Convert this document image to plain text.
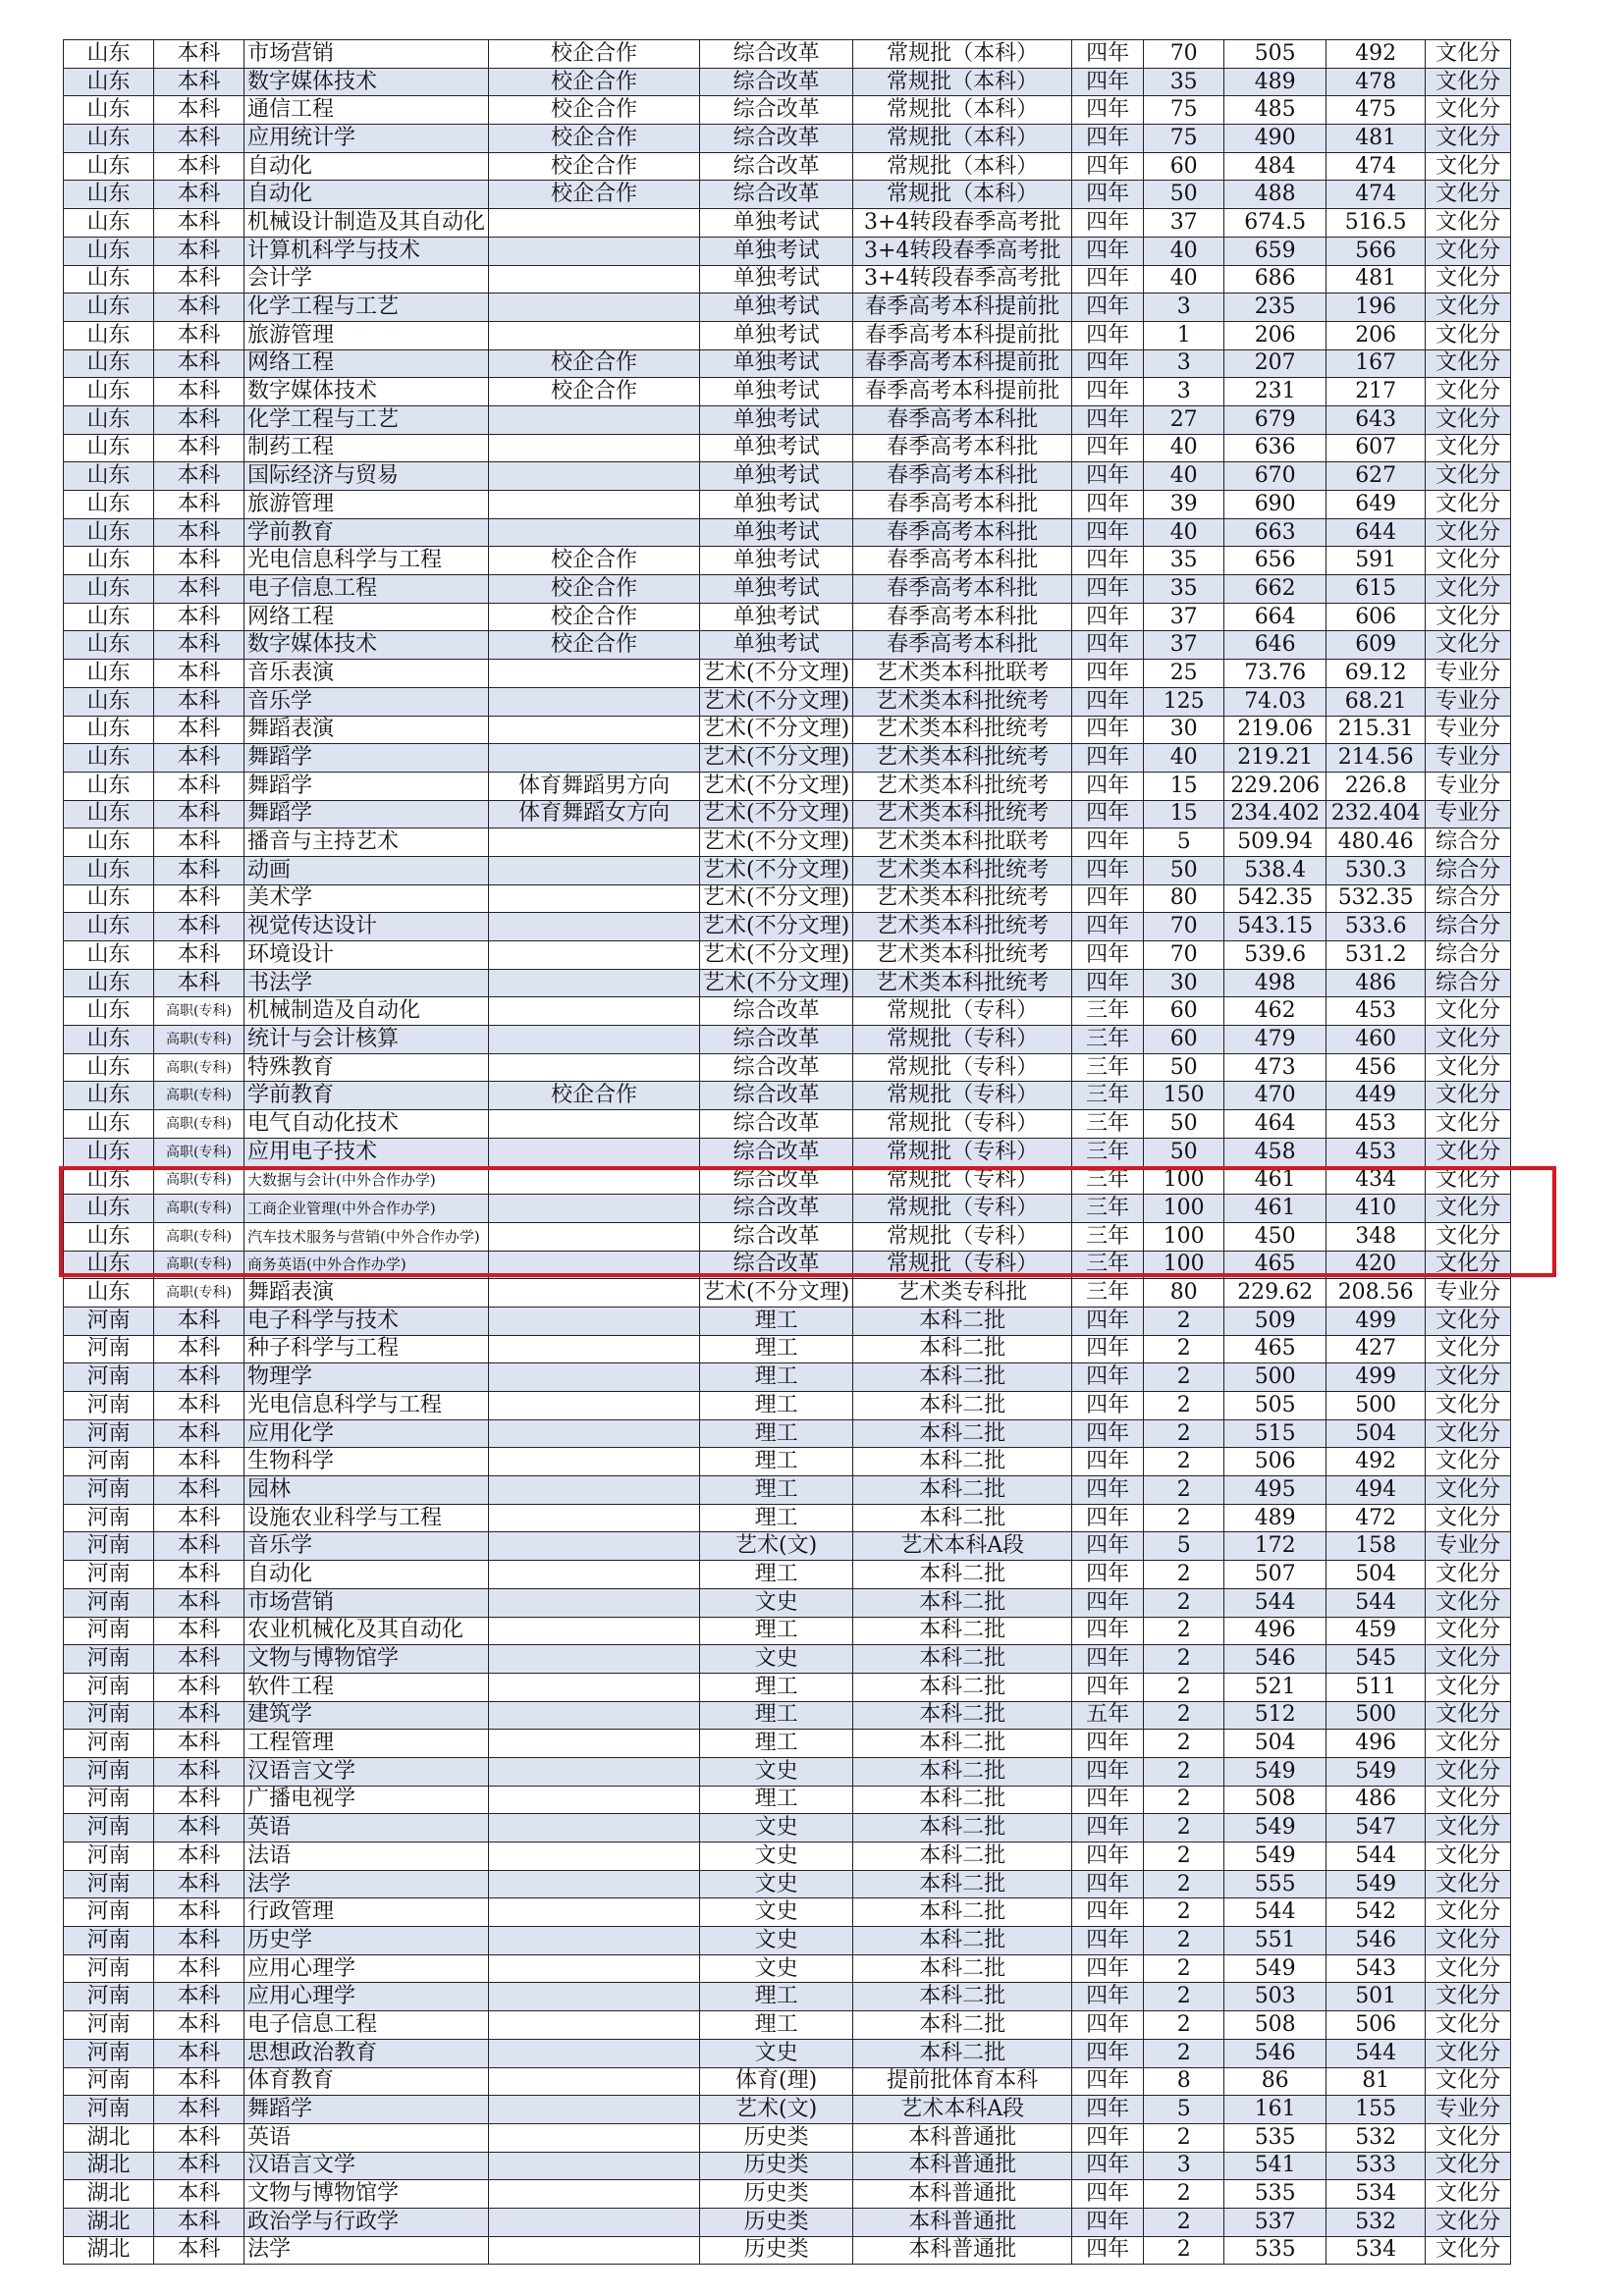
山东	本科	市场营销	校企合作	综合改革	常规批（本科）	四年	70	505	492	文化分
山东	本科	数字媒体技术	校企合作	综合改革	常规批（本科）	四年	35	489	478	文化分
山东	本科	通信工程	校企合作	综合改革	常规批（本科）	四年	75	485	475	文化分
山东	本科	应用统计学	校企合作	综合改革	常规批（本科）	四年	75	490	481	文化分
山东	本科	自动化	校企合作	综合改革	常规批（本科）	四年	60	484	474	文化分
山东	本科	自动化	校企合作	综合改革	常规批（本科）	四年	50	488	474	文化分
山东	本科	机械设计制造及其自动化		单独考试	3+4转段春季高考批	四年	37	674.5	516.5	文化分
山东	本科	计算机科学与技术		单独考试	3+4转段春季高考批	四年	40	659	566	文化分
山东	本科	会计学		单独考试	3+4转段春季高考批	四年	40	686	481	文化分
山东	本科	化学工程与工艺		单独考试	春季高考本科提前批	四年	3	235	196	文化分
山东	本科	旅游管理		单独考试	春季高考本科提前批	四年	1	206	206	文化分
山东	本科	网络工程	校企合作	单独考试	春季高考本科提前批	四年	3	207	167	文化分
山东	本科	数字媒体技术	校企合作	单独考试	春季高考本科提前批	四年	3	231	217	文化分
山东	本科	化学工程与工艺		单独考试	春季高考本科批	四年	27	679	643	文化分
山东	本科	制药工程		单独考试	春季高考本科批	四年	40	636	607	文化分
山东	本科	国际经济与贸易		单独考试	春季高考本科批	四年	40	670	627	文化分
山东	本科	旅游管理		单独考试	春季高考本科批	四年	39	690	649	文化分
山东	本科	学前教育		单独考试	春季高考本科批	四年	40	663	644	文化分
山东	本科	光电信息科学与工程	校企合作	单独考试	春季高考本科批	四年	35	656	591	文化分
山东	本科	电子信息工程	校企合作	单独考试	春季高考本科批	四年	35	662	615	文化分
山东	本科	网络工程	校企合作	单独考试	春季高考本科批	四年	37	664	606	文化分
山东	本科	数字媒体技术	校企合作	单独考试	春季高考本科批	四年	37	646	609	文化分
山东	本科	音乐表演		艺术(不分文理)	艺术类本科批联考	四年	25	73.76	69.12	专业分
山东	本科	音乐学		艺术(不分文理)	艺术类本科批统考	四年	125	74.03	68.21	专业分
山东	本科	舞蹈表演		艺术(不分文理)	艺术类本科批统考	四年	30	219.06	215.31	专业分
山东	本科	舞蹈学		艺术(不分文理)	艺术类本科批统考	四年	40	219.21	214.56	专业分
山东	本科	舞蹈学	体育舞蹈男方向	艺术(不分文理)	艺术类本科批统考	四年	15	229.206	226.8	专业分
山东	本科	舞蹈学	体育舞蹈女方向	艺术(不分文理)	艺术类本科批统考	四年	15	234.402	232.404	专业分
山东	本科	播音与主持艺术		艺术(不分文理)	艺术类本科批联考	四年	5	509.94	480.46	综合分
山东	本科	动画		艺术(不分文理)	艺术类本科批统考	四年	50	538.4	530.3	综合分
山东	本科	美术学		艺术(不分文理)	艺术类本科批统考	四年	80	542.35	532.35	综合分
山东	本科	视觉传达设计		艺术(不分文理)	艺术类本科批统考	四年	70	543.15	533.6	综合分
山东	本科	环境设计		艺术(不分文理)	艺术类本科批统考	四年	70	539.6	531.2	综合分
山东	本科	书法学		艺术(不分文理)	艺术类本科批统考	四年	30	498	486	综合分
山东	高职(专科)	机械制造及自动化		综合改革	常规批（专科）	三年	60	462	453	文化分
山东	高职(专科)	统计与会计核算		综合改革	常规批（专科）	三年	60	479	460	文化分
山东	高职(专科)	特殊教育		综合改革	常规批（专科）	三年	50	473	456	文化分
山东	高职(专科)	学前教育	校企合作	综合改革	常规批（专科）	三年	150	470	449	文化分
山东	高职(专科)	电气自动化技术		综合改革	常规批（专科）	三年	50	464	453	文化分
山东	高职(专科)	应用电子技术		综合改革	常规批（专科）	三年	50	458	453	文化分
山东	高职(专科)	大数据与会计(中外合作办学)		综合改革	常规批（专科）	三年	100	461	434	文化分
山东	高职(专科)	工商企业管理(中外合作办学)		综合改革	常规批（专科）	三年	100	461	410	文化分
山东	高职(专科)	汽车技术服务与营销(中外合作办学)		综合改革	常规批（专科）	三年	100	450	348	文化分
山东	高职(专科)	商务英语(中外合作办学)		综合改革	常规批（专科）	三年	100	465	420	文化分
山东	高职(专科)	舞蹈表演		艺术(不分文理)	艺术类专科批	三年	80	229.62	208.56	专业分
河南	本科	电子科学与技术		理工	本科二批	四年	2	509	499	文化分
河南	本科	种子科学与工程		理工	本科二批	四年	2	465	427	文化分
河南	本科	物理学		理工	本科二批	四年	2	500	499	文化分
河南	本科	光电信息科学与工程		理工	本科二批	四年	2	505	500	文化分
河南	本科	应用化学		理工	本科二批	四年	2	515	504	文化分
河南	本科	生物科学		理工	本科二批	四年	2	506	492	文化分
河南	本科	园林		理工	本科二批	四年	2	495	494	文化分
河南	本科	设施农业科学与工程		理工	本科二批	四年	2	489	472	文化分
河南	本科	音乐学		艺术(文)	艺术本科A段	四年	5	172	158	专业分
河南	本科	自动化		理工	本科二批	四年	2	507	504	文化分
河南	本科	市场营销		文史	本科二批	四年	2	544	544	文化分
河南	本科	农业机械化及其自动化		理工	本科二批	四年	2	496	459	文化分
河南	本科	文物与博物馆学		文史	本科二批	四年	2	546	545	文化分
河南	本科	软件工程		理工	本科二批	四年	2	521	511	文化分
河南	本科	建筑学		理工	本科二批	五年	2	512	500	文化分
河南	本科	工程管理		理工	本科二批	四年	2	504	496	文化分
河南	本科	汉语言文学		文史	本科二批	四年	2	549	549	文化分
河南	本科	广播电视学		理工	本科二批	四年	2	508	486	文化分
河南	本科	英语		文史	本科二批	四年	2	549	547	文化分
河南	本科	法语		文史	本科二批	四年	2	549	544	文化分
河南	本科	法学		文史	本科二批	四年	2	555	549	文化分
河南	本科	行政管理		文史	本科二批	四年	2	544	542	文化分
河南	本科	历史学		文史	本科二批	四年	2	551	546	文化分
河南	本科	应用心理学		文史	本科二批	四年	2	549	543	文化分
河南	本科	应用心理学		理工	本科二批	四年	2	503	501	文化分
河南	本科	电子信息工程		理工	本科二批	四年	2	508	506	文化分
河南	本科	思想政治教育		文史	本科二批	四年	2	546	544	文化分
河南	本科	体育教育		体育(理)	提前批体育本科	四年	8	86	81	文化分
河南	本科	舞蹈学		艺术(文)	艺术本科A段	四年	5	161	155	专业分
湖北	本科	英语		历史类	本科普通批	四年	2	535	532	文化分
湖北	本科	汉语言文学		历史类	本科普通批	四年	3	541	533	文化分
湖北	本科	文物与博物馆学		历史类	本科普通批	四年	2	535	534	文化分
湖北	本科	政治学与行政学		历史类	本科普通批	四年	2	537	532	文化分
湖北	本科	法学		历史类	本科普通批	四年	2	535	534	文化分
